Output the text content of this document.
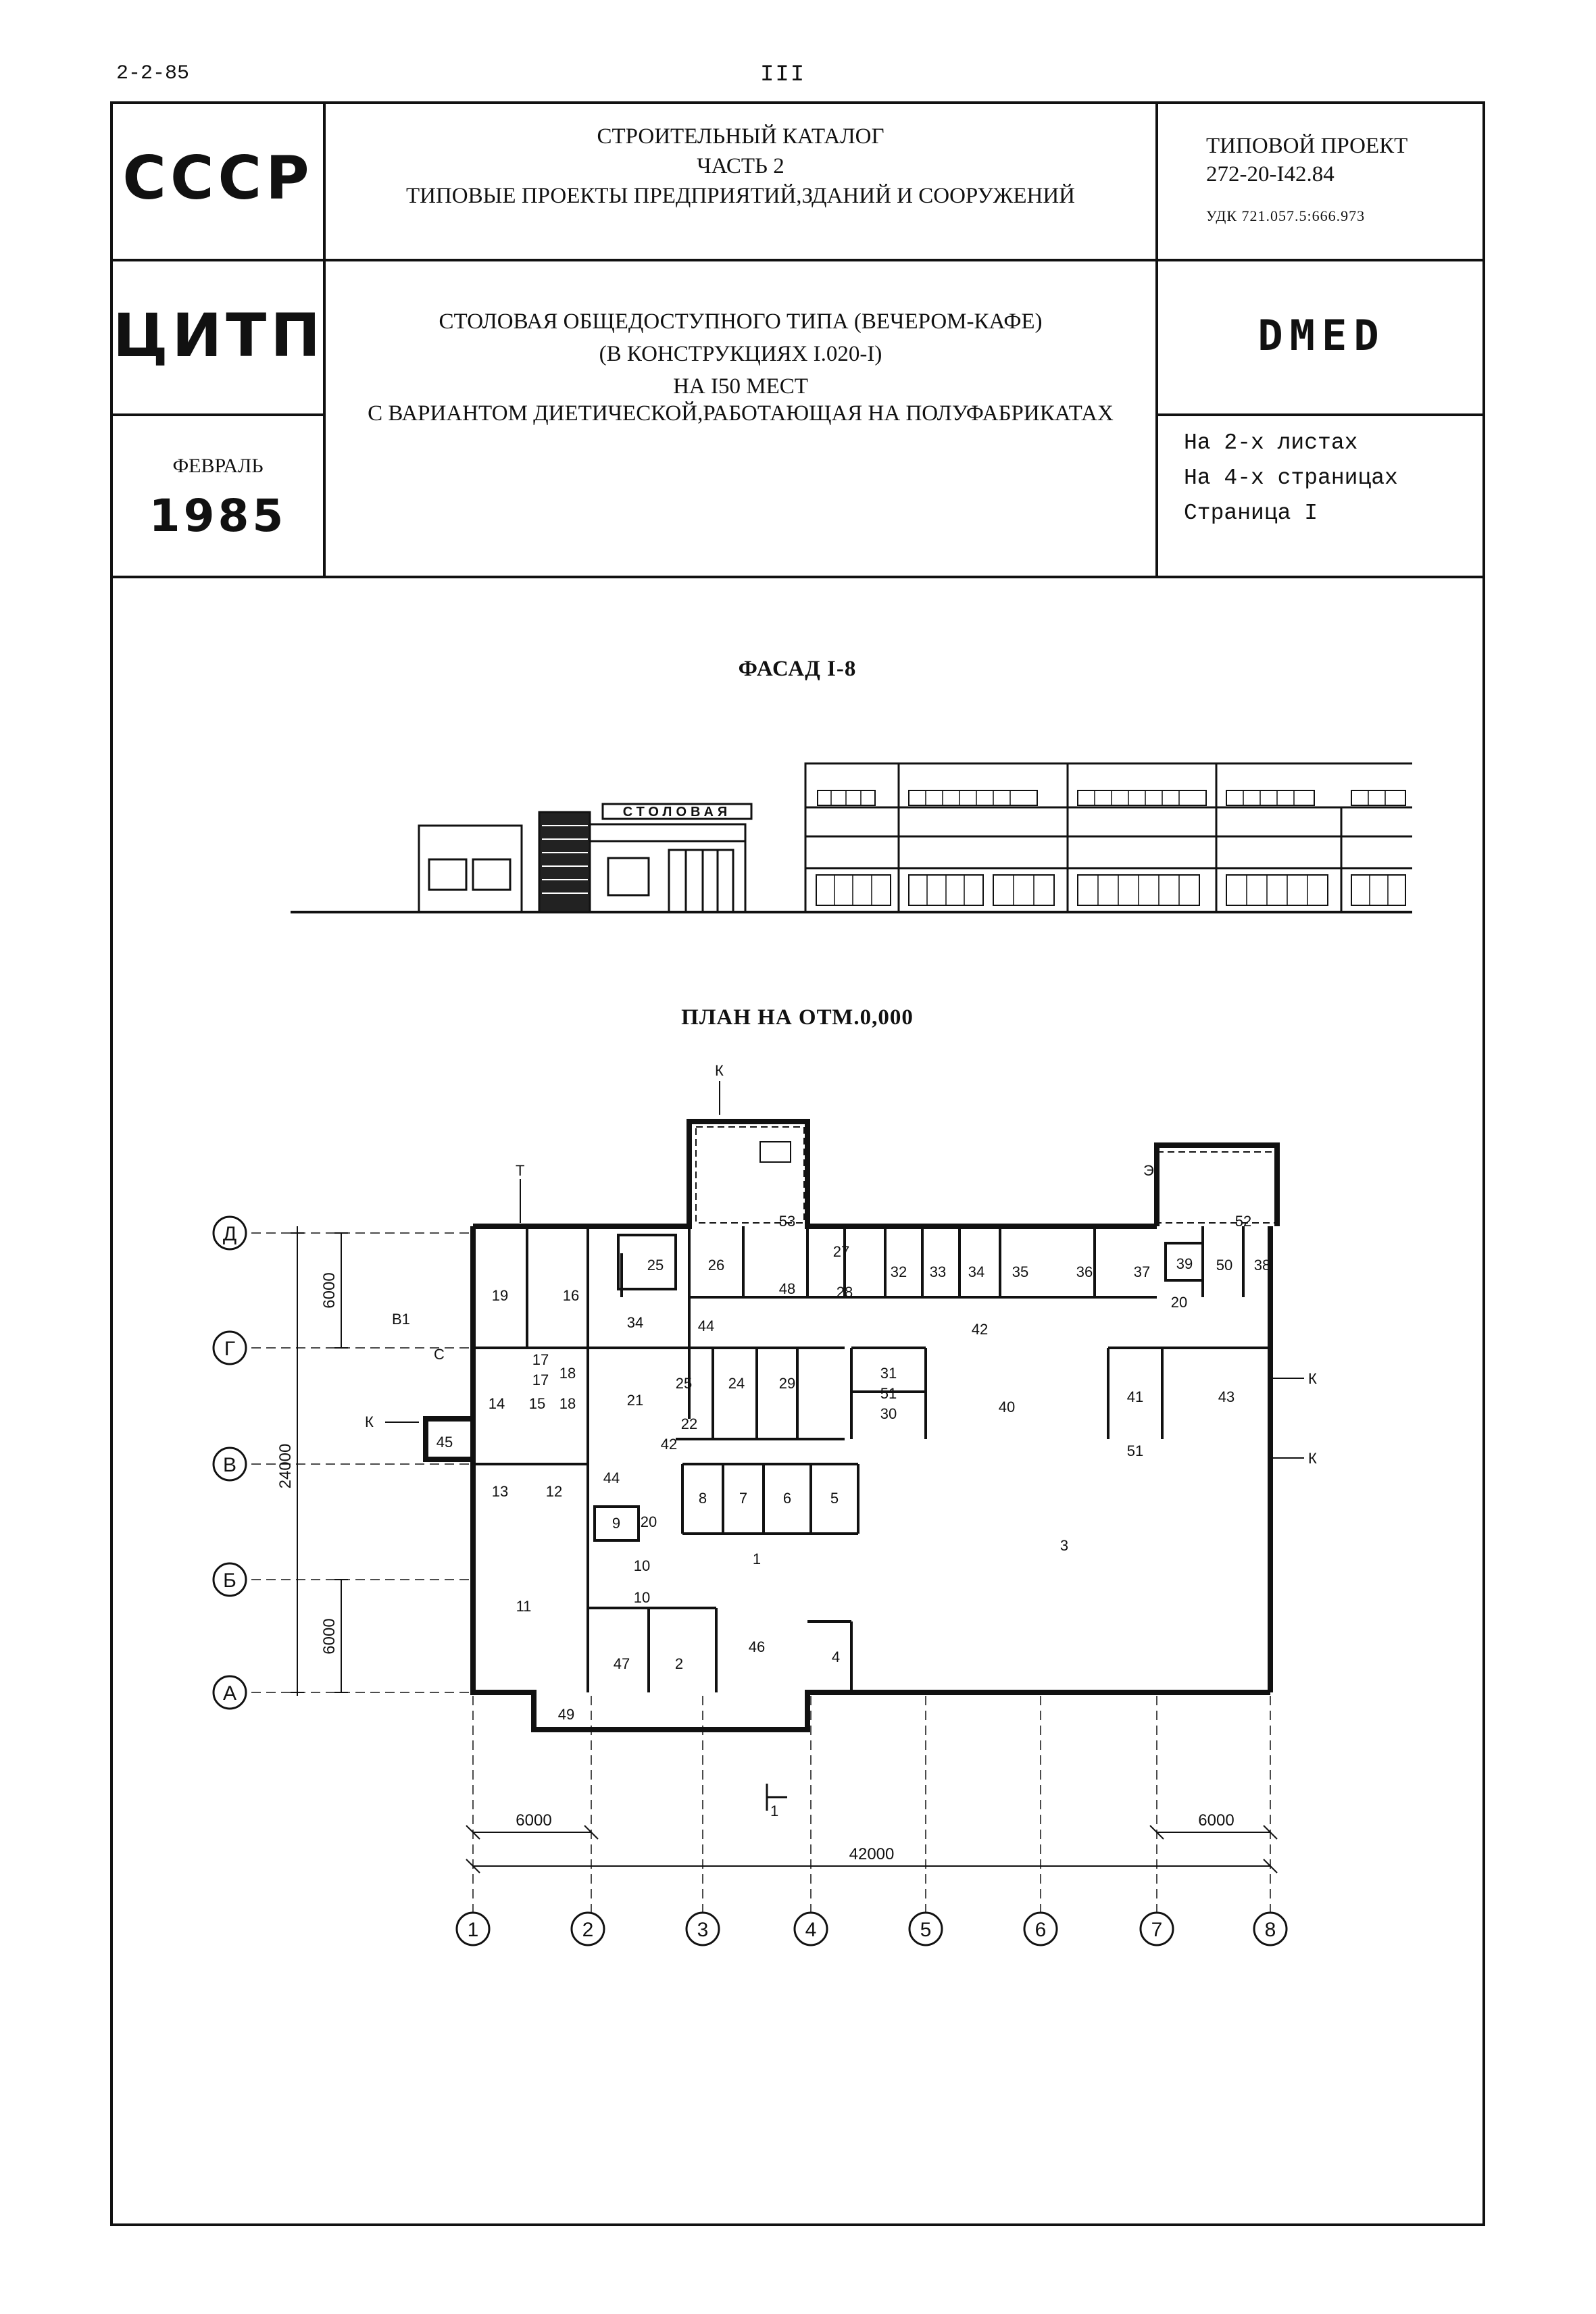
2-2-85	III
СССР
ЦИТП
ФЕВРАЛЬ
1985
СТРОИТЕЛЬНЫЙ КАТАЛОГ
ЧАСТЬ 2
ТИПОВЫЕ ПРОЕКТЫ ПРЕДПРИЯТИЙ,ЗДАНИЙ И СООРУЖЕНИЙ
ТИПОВОЙ ПРОЕКТ
272-20-I42.84
УДК 721.057.5:666.973
СТОЛОВАЯ ОБЩЕДОСТУПНОГО ТИПА (ВЕЧЕРОМ-КАФЕ)
(В КОНСТРУКЦИЯХ I.020-I)
НА I50 МЕСТ
С ВАРИАНТОМ ДИЕТИЧЕСКОЙ,РАБОТАЮЩАЯ НА ПОЛУФАБРИКАТАХ
DMED
На 2-х листах
На 4-х страницах
Страница I
ФАСАД I-8
СТОЛОВАЯ
ПЛАН НА ОТМ.0,000
Д
Г
В
Б
А
1	2	3	4	5	6	7	8
24000
6000
6000
6000
42000
6000
К
Т
К
К
К
С
Э
В1
1
1
2
3
4
5
6
7
8
9
10
10
11
12
13
14 15
16
17
17 18
18
19
20
20
21
22
24
25
25
26
27
28
29
30
31
32 33 34
34
35	36	37	38
39
40
41
42
42
43
44
44
45
46
47
48
49
50
51
51
52
53
